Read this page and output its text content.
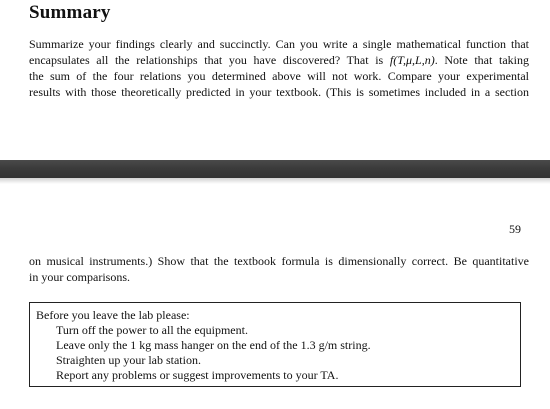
Summary
Summarize your findings clearly and succinctly. Can you write a single mathematical function that
encapsulates all the relationships that you have discovered? That is f(T,μ,L,n). Note that taking
the sum of the four relations you determined above will not work. Compare your experimental
results with those theoretically predicted in your textbook. (This is sometimes included in a section
59
on musical instruments.) Show that the textbook formula is dimensionally correct. Be quantitative
in your comparisons.
Before you leave the lab please:
Turn off the power to all the equipment.
Leave only the 1 kg mass hanger on the end of the 1.3 g/m string.
Straighten up your lab station.
Report any problems or suggest improvements to your TA.
